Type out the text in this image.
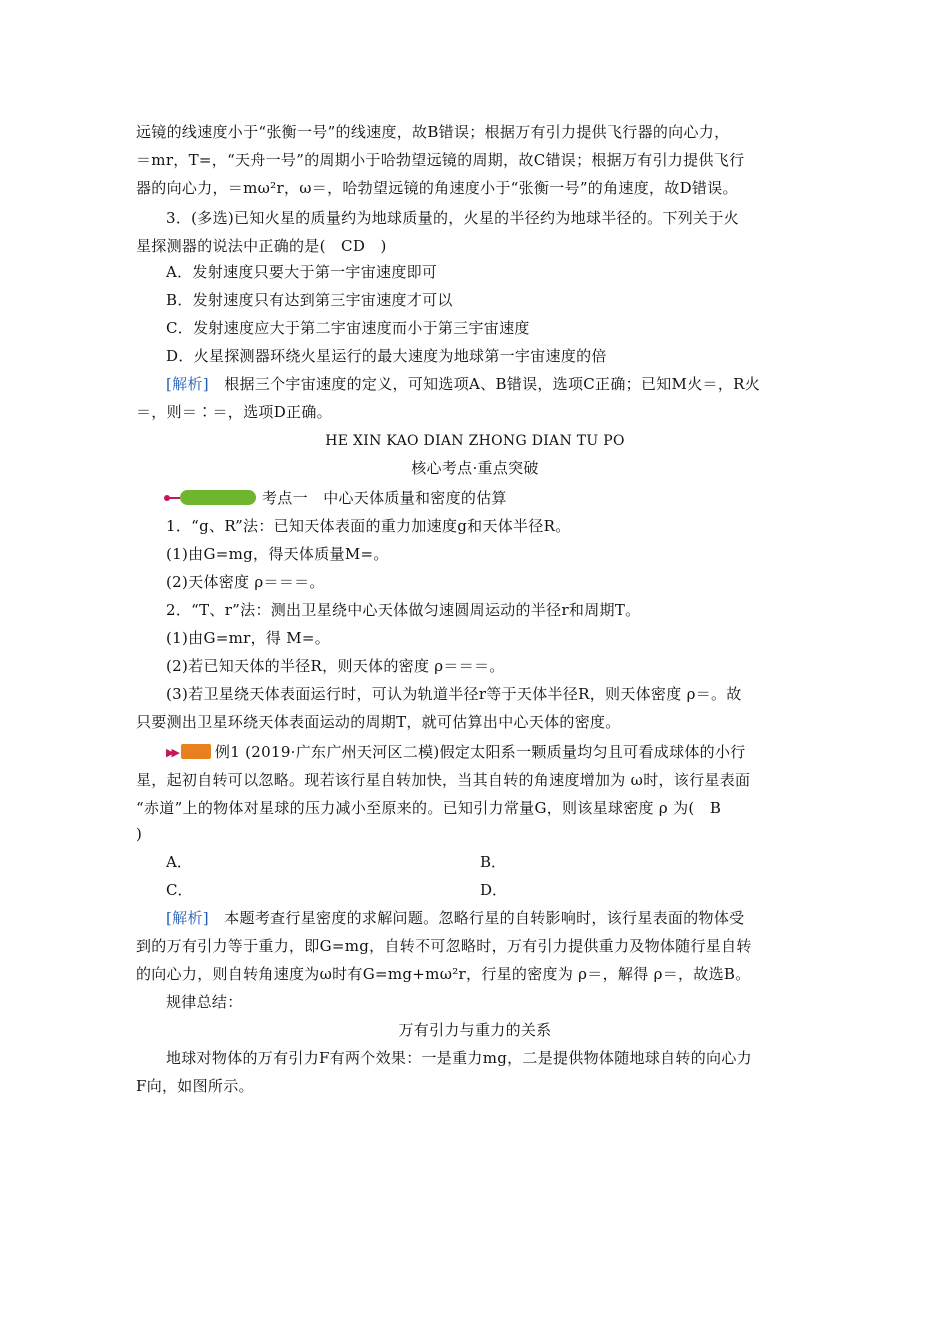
远镜的线速度小于“张衡一号”的线速度，故B错误；根据万有引力提供飞行器的向心力，
＝mr，T=，“天舟一号”的周期小于哈勃望远镜的周期，故C错误；根据万有引力提供飞行
器的向心力，＝mω²r，ω＝，哈勃望远镜的角速度小于“张衡一号”的角速度，故D错误。
3．(多选)已知火星的质量约为地球质量的，火星的半径约为地球半径的。下列关于火
星探测器的说法中正确的是(　CD　)
A．发射速度只要大于第一宇宙速度即可
B．发射速度只有达到第三宇宙速度才可以
C．发射速度应大于第二宇宙速度而小于第三宇宙速度
D．火星探测器环绕火星运行的最大速度为地球第一宇宙速度的倍
[解析]　 根据三个宇宙速度的定义，可知选项A、B错误，选项C正确；已知M火＝，R火
＝，则＝∶＝，选项D正确。
HE XIN KAO DIAN ZHONG DIAN TU PO
核心考点·重点突破
考点一　中心天体质量和密度的估算
1．“g、R”法：已知天体表面的重力加速度g和天体半径R。
(1)由G=mg，得天体质量M=。
(2)天体密度 ρ＝＝＝。
2．“T、r”法：测出卫星绕中心天体做匀速圆周运动的半径r和周期T。
(1)由G=mr，得 M=。
(2)若已知天体的半径R，则天体的密度 ρ＝＝＝。
(3)若卫星绕天体表面运行时，可认为轨道半径r等于天体半径R，则天体密度 ρ＝。故
只要测出卫星环绕天体表面运动的周期T，就可估算出中心天体的密度。
▶▶	例1 (2019·广东广州天河区二模)假定太阳系一颗质量均匀且可看成球体的小行
星，起初自转可以忽略。现若该行星自转加快，当其自转的角速度增加为 ω时，该行星表面
“赤道”上的物体对星球的压力减小至原来的。已知引力常量G，则该星球密度 ρ 为(　B
)
A．	B．
C．	D．
[解析]　 本题考查行星密度的求解问题。忽略行星的自转影响时，该行星表面的物体受
到的万有引力等于重力，即G=mg，自转不可忽略时，万有引力提供重力及物体随行星自转
的向心力，则自转角速度为ω时有G=mg+mω²r，行星的密度为 ρ＝，解得 ρ＝，故选B。
规律总结：
万有引力与重力的关系
地球对物体的万有引力F有两个效果：一是重力mg，二是提供物体随地球自转的向心力
F向，如图所示。
